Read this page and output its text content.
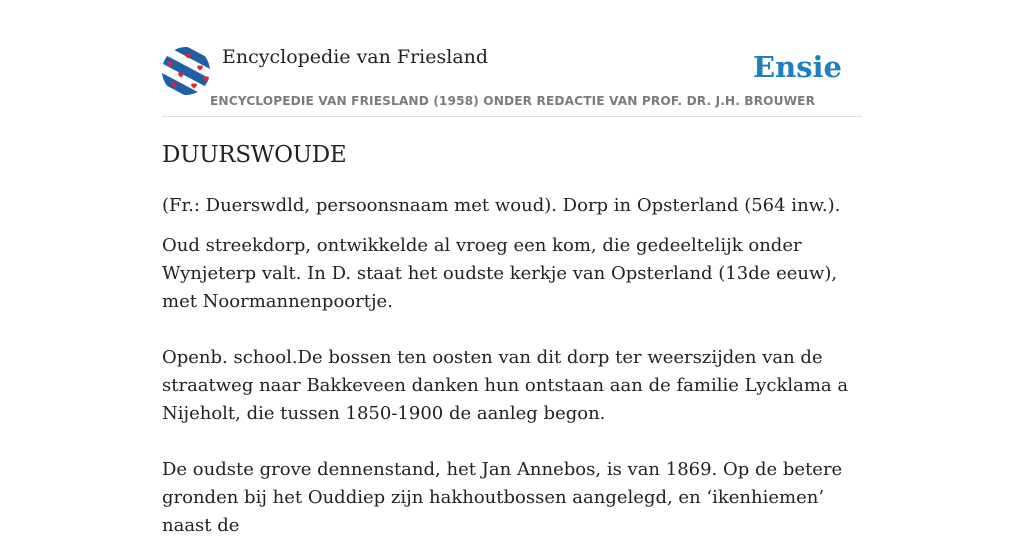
Encyclopedie van Friesland	Ensie
ENCYCLOPEDIE VAN FRIESLAND (1958) ONDER REDACTIE VAN PROF. DR. J.H. BROUWER
DUURSWOUDE

(Fr.: Duerswdld, persoonsnaam met woud). Dorp in Opsterland (564 inw.).

Oud streekdorp, ontwikkelde al vroeg een kom, die gedeeltelijk onder Wynjeterp valt. In D. staat het oudste kerkje van Opsterland (13de eeuw), met Noormannenpoortje.

Openb. school.De bossen ten oosten van dit dorp ter weerszijden van de straatweg naar Bakkeveen danken hun ontstaan aan de familie Lycklama a Nijeholt, die tussen 1850-1900 de aanleg begon.

De oudste grove dennenstand, het Jan Annebos, is van 1869. Op de betere gronden bij het Ouddiep zijn hakhoutbossen aangelegd, en ‘ikenhiemen’ naast de
